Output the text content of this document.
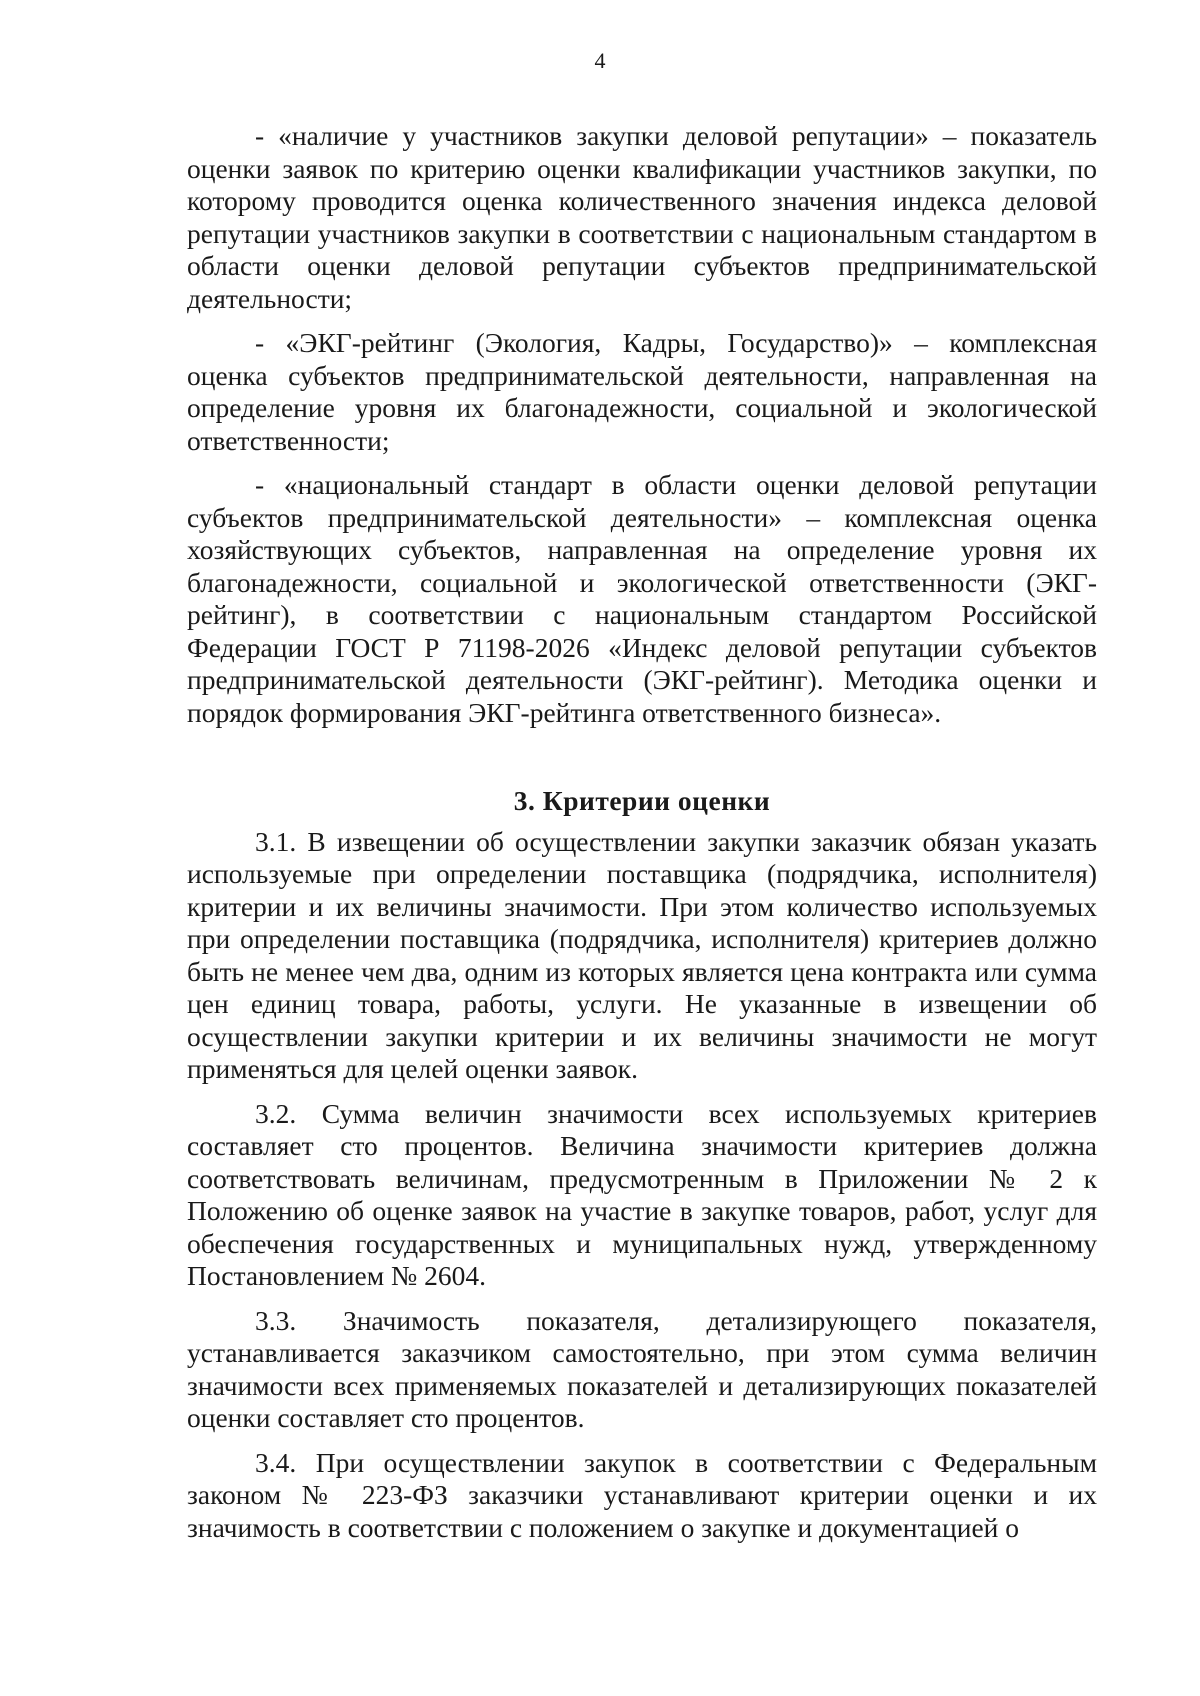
4

- «наличие у участников закупки деловой репутации» – показатель оценки заявок по критерию оценки квалификации участников закупки, по которому проводится оценка количественного значения индекса деловой репутации участников закупки в соответствии с национальным стандартом в области оценки деловой репутации субъектов предпринимательской деятельности;

- «ЭКГ-рейтинг (Экология, Кадры, Государство)» – комплексная оценка субъектов предпринимательской деятельности, направленная на определение уровня их благонадежности, социальной и экологической ответственности;

- «национальный стандарт в области оценки деловой репутации субъектов предпринимательской деятельности» – комплексная оценка хозяйствующих субъектов, направленная на определение уровня их благонадежности, социальной и экологической ответственности (ЭКГ-рейтинг), в соответствии с национальным стандартом Российской Федерации ГОСТ Р 71198-2026 «Индекс деловой репутации субъектов предпринимательской деятельности (ЭКГ-рейтинг). Методика оценки и порядок формирования ЭКГ-рейтинга ответственного бизнеса».

3. Критерии оценки

3.1. В извещении об осуществлении закупки заказчик обязан указать используемые при определении поставщика (подрядчика, исполнителя) критерии и их величины значимости. При этом количество используемых при определении поставщика (подрядчика, исполнителя) критериев должно быть не менее чем два, одним из которых является цена контракта или сумма цен единиц товара, работы, услуги. Не указанные в извещении об осуществлении закупки критерии и их величины значимости не могут применяться для целей оценки заявок.

3.2. Сумма величин значимости всех используемых критериев составляет сто процентов. Величина значимости критериев должна соответствовать величинам, предусмотренным в Приложении № 2 к Положению об оценке заявок на участие в закупке товаров, работ, услуг для обеспечения государственных и муниципальных нужд, утвержденному Постановлением № 2604.

3.3. Значимость показателя, детализирующего показателя, устанавливается заказчиком самостоятельно, при этом сумма величин значимости всех применяемых показателей и детализирующих показателей оценки составляет сто процентов.

3.4. При осуществлении закупок в соответствии с Федеральным законом № 223-ФЗ заказчики устанавливают критерии оценки и их значимость в соответствии с положением о закупке и документацией о
